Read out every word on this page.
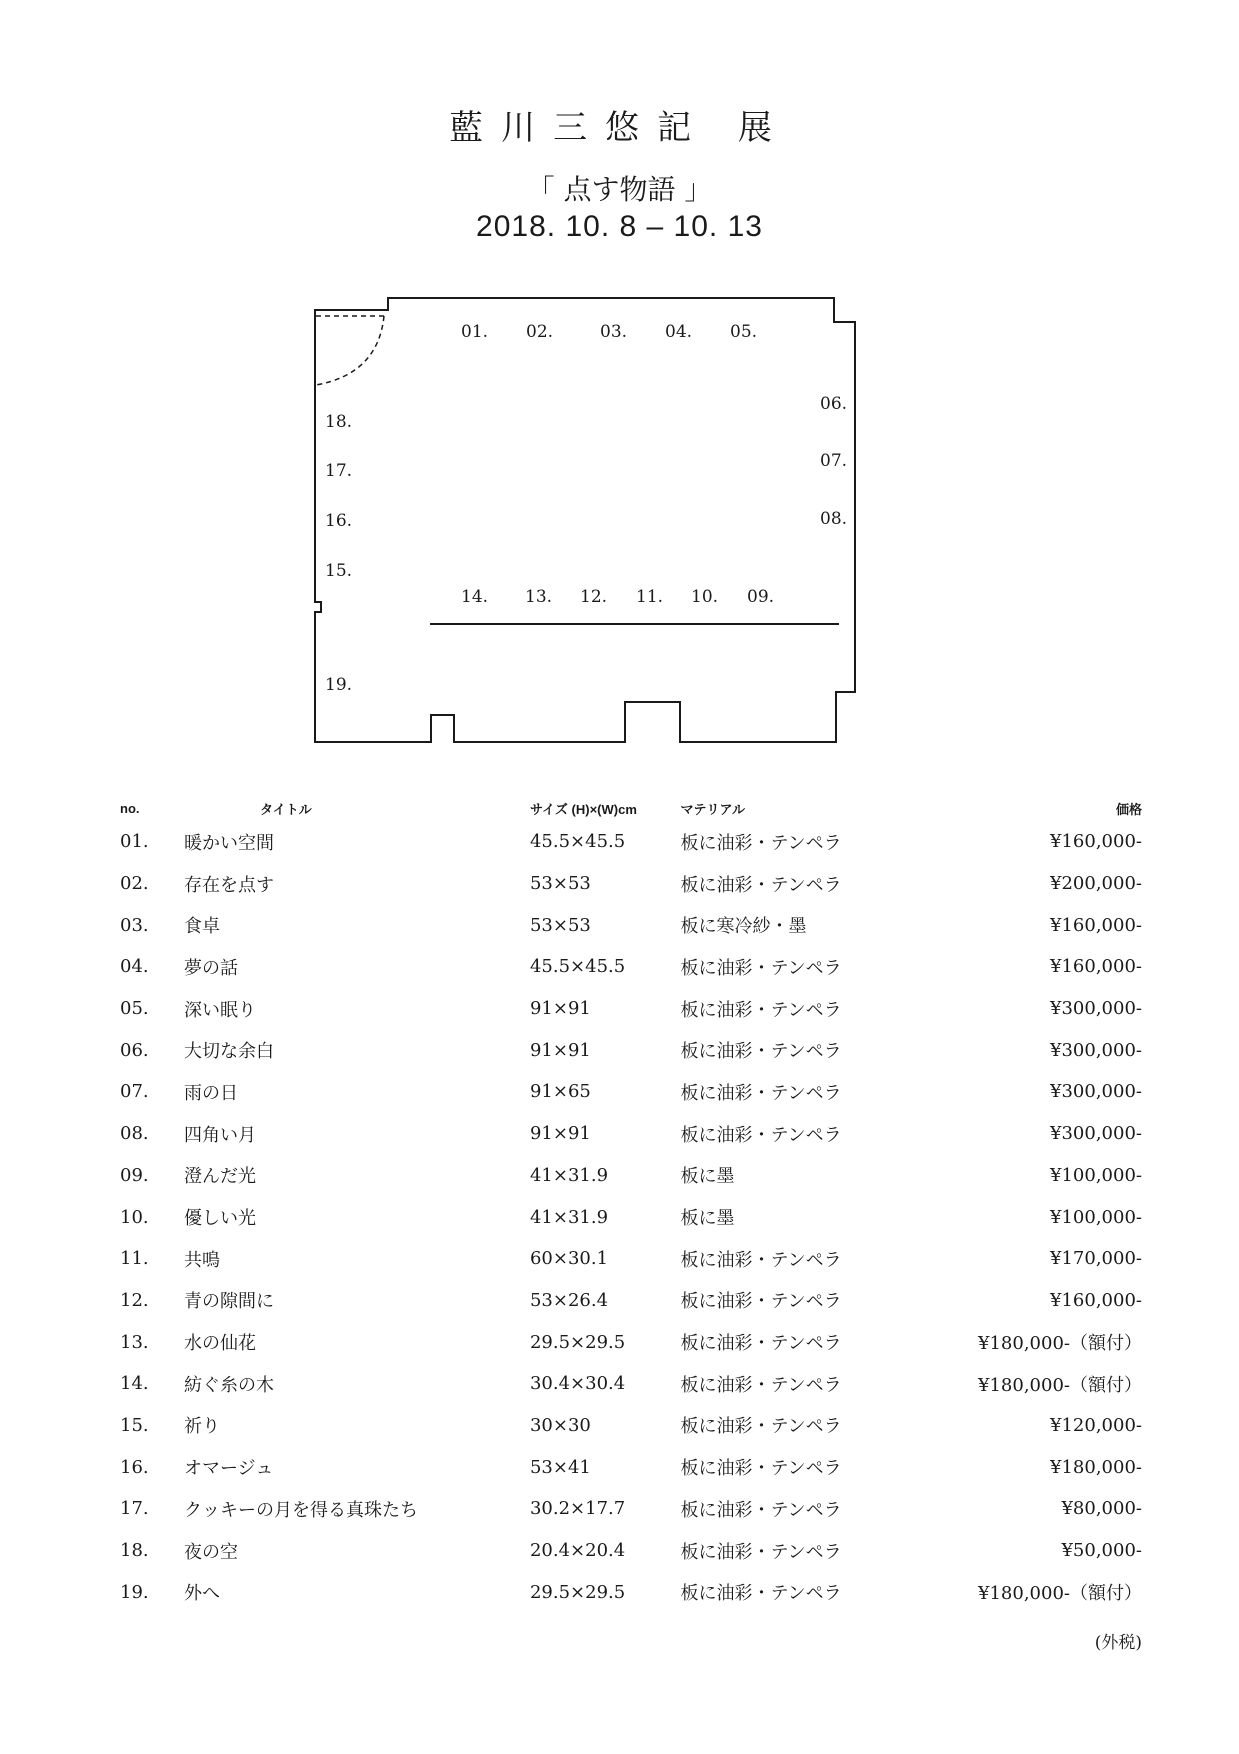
藍川三悠記 展
「 点す物語 」
2018. 10. 8 – 10. 13
01. 02.	03. 04. 05.
06.
07.
08.
09.
10.
11.
12.
13.
14.
15.
16.
17.
18.
19.
no.	タイトル	サイズ (H)×(W)cm	マテリアル	価格
01.	暖かい空間	45.5×45.5	板に油彩・テンペラ	¥160,000-
02.	存在を点す	53×53	板に油彩・テンペラ	¥200,000-
03.	食卓	53×53	板に寒冷紗・墨	¥160,000-
04.	夢の話	45.5×45.5	板に油彩・テンペラ	¥160,000-
05.	深い眠り	91×91	板に油彩・テンペラ	¥300,000-
06.	大切な余白	91×91	板に油彩・テンペラ	¥300,000-
07.	雨の日	91×65	板に油彩・テンペラ	¥300,000-
08.	四角い月	91×91	板に油彩・テンペラ	¥300,000-
09.	澄んだ光	41×31.9	板に墨	¥100,000-
10.	優しい光	41×31.9	板に墨	¥100,000-
11.	共鳴	60×30.1	板に油彩・テンペラ	¥170,000-
12.	青の隙間に	53×26.4	板に油彩・テンペラ	¥160,000-
13.	水の仙花	29.5×29.5	板に油彩・テンペラ	¥180,000-（額付）
14.	紡ぐ糸の木	30.4×30.4	板に油彩・テンペラ	¥180,000-（額付）
15.	祈り	30×30	板に油彩・テンペラ	¥120,000-
16.	オマージュ	53×41	板に油彩・テンペラ	¥180,000-
17.	クッキーの月を得る真珠たち	30.2×17.7	板に油彩・テンペラ	¥80,000-
18.	夜の空	20.4×20.4	板に油彩・テンペラ	¥50,000-
19.	外へ	29.5×29.5	板に油彩・テンペラ	¥180,000-（額付）
(外税)
